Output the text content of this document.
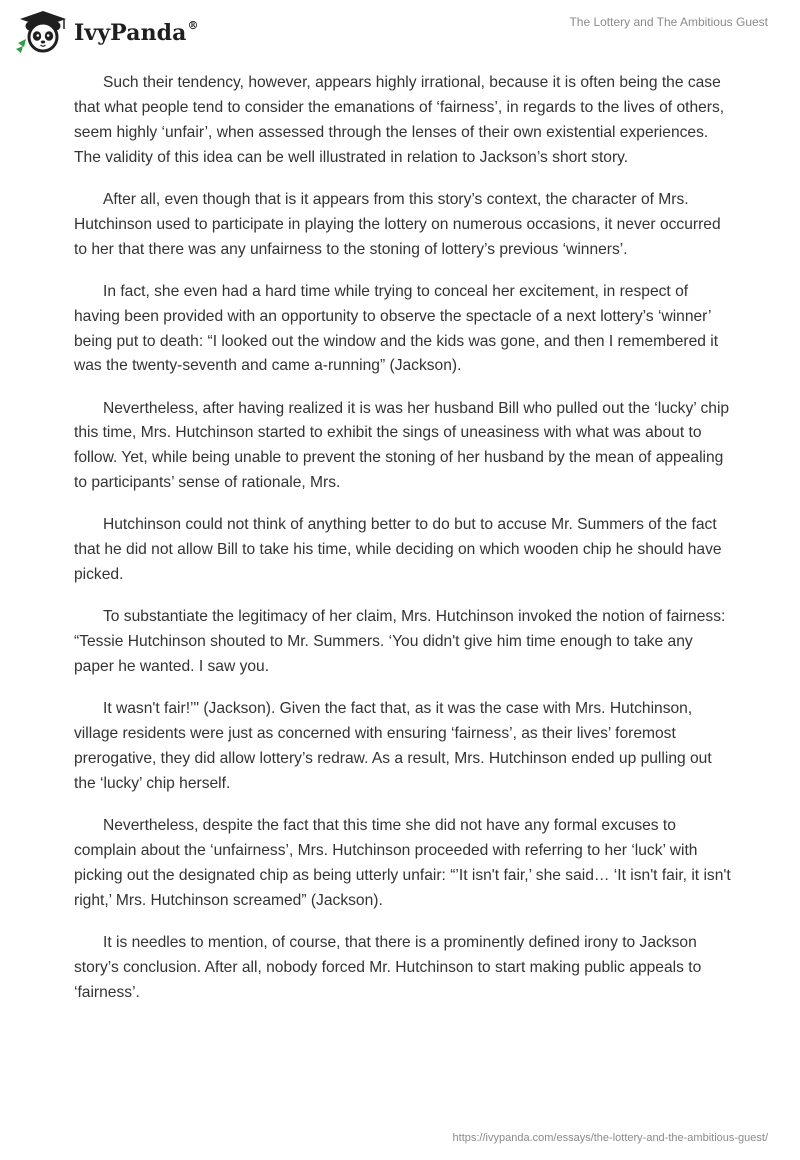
IvyPanda®	The Lottery and The Ambitious Guest

Such their tendency, however, appears highly irrational, because it is often being the case that what people tend to consider the emanations of ‘fairness’, in regards to the lives of others, seem highly ‘unfair’, when assessed through the lenses of their own existential experiences. The validity of this idea can be well illustrated in relation to Jackson’s short story.

After all, even though that is it appears from this story’s context, the character of Mrs. Hutchinson used to participate in playing the lottery on numerous occasions, it never occurred to her that there was any unfairness to the stoning of lottery’s previous ‘winners’.

In fact, she even had a hard time while trying to conceal her excitement, in respect of having been provided with an opportunity to observe the spectacle of a next lottery’s ‘winner’ being put to death: “I looked out the window and the kids was gone, and then I remembered it was the twenty-seventh and came a-running” (Jackson).

Nevertheless, after having realized it is was her husband Bill who pulled out the ‘lucky’ chip this time, Mrs. Hutchinson started to exhibit the sings of uneasiness with what was about to follow. Yet, while being unable to prevent the stoning of her husband by the mean of appealing to participants’ sense of rationale, Mrs.

Hutchinson could not think of anything better to do but to accuse Mr. Summers of the fact that he did not allow Bill to take his time, while deciding on which wooden chip he should have picked.

To substantiate the legitimacy of her claim, Mrs. Hutchinson invoked the notion of fairness: “Tessie Hutchinson shouted to Mr. Summers. ‘You didn't give him time enough to take any paper he wanted. I saw you.

It wasn't fair!’" (Jackson). Given the fact that, as it was the case with Mrs. Hutchinson, village residents were just as concerned with ensuring ‘fairness’, as their lives’ foremost prerogative, they did allow lottery’s redraw. As a result, Mrs. Hutchinson ended up pulling out the ‘lucky’ chip herself.

Nevertheless, despite the fact that this time she did not have any formal excuses to complain about the ‘unfairness’, Mrs. Hutchinson proceeded with referring to her ‘luck’ with picking out the designated chip as being utterly unfair: “’It isn't fair,’ she said… ‘It isn't fair, it isn't right,’ Mrs. Hutchinson screamed” (Jackson).

It is needles to mention, of course, that there is a prominently defined irony to Jackson story’s conclusion. After all, nobody forced Mr. Hutchinson to start making public appeals to ‘fairness’.

https://ivypanda.com/essays/the-lottery-and-the-ambitious-guest/
